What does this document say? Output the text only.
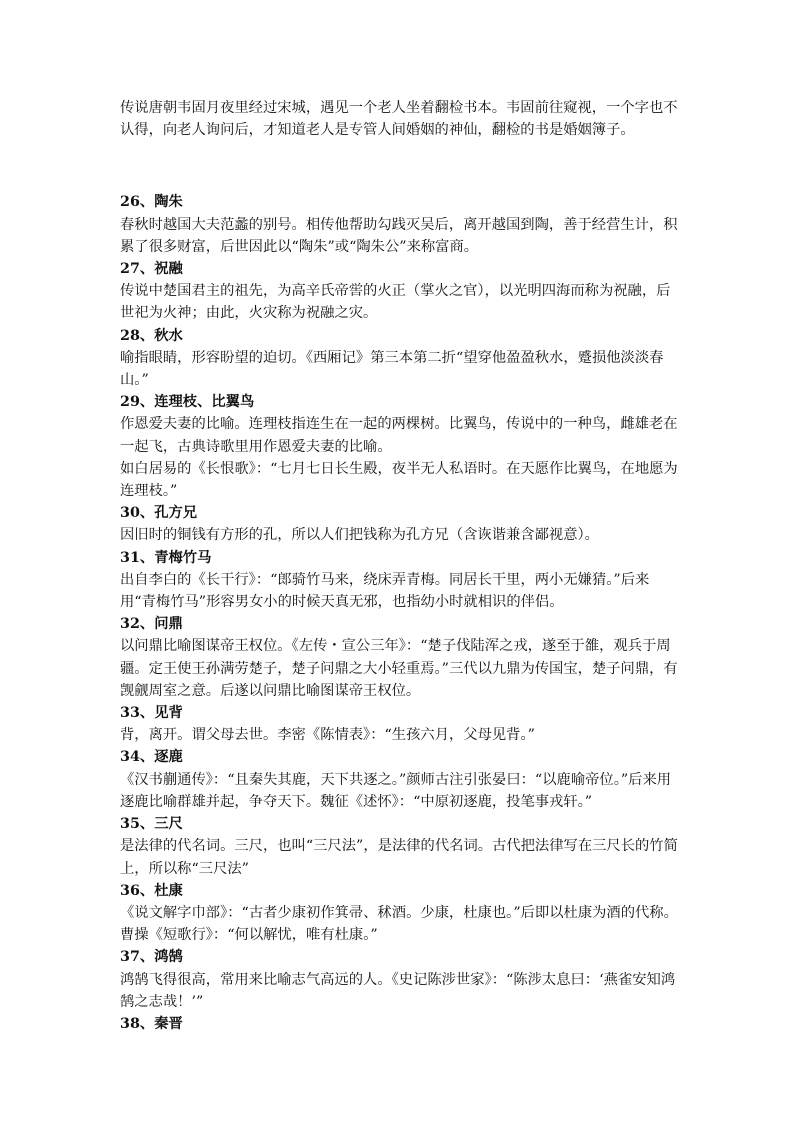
传说唐朝韦固月夜里经过宋城，遇见一个老人坐着翻检书本。韦固前往窥视，一个字也不认得，向老人询问后，才知道老人是专管人间婚姻的神仙，翻检的书是婚姻簿子。

26、陶朱

春秋时越国大夫范蠡的别号。相传他帮助勾践灭吴后，离开越国到陶，善于经营生计，积累了很多财富，后世因此以“陶朱”或“陶朱公”来称富商。

27、祝融

传说中楚国君主的祖先，为高辛氏帝喾的火正（掌火之官），以光明四海而称为祝融，后世祀为火神；由此，火灾称为祝融之灾。

28、秋水

喻指眼睛，形容盼望的迫切。《西厢记》第三本第二折“望穿他盈盈秋水，蹙损他淡淡春山。”

29、连理枝、比翼鸟

作恩爱夫妻的比喻。连理枝指连生在一起的两棵树。比翼鸟，传说中的一种鸟，雌雄老在一起飞，古典诗歌里用作恩爱夫妻的比喻。

如白居易的《长恨歌》：“七月七日长生殿，夜半无人私语时。在天愿作比翼鸟，在地愿为连理枝。”

30、孔方兄

因旧时的铜钱有方形的孔，所以人们把钱称为孔方兄（含诙谐兼含鄙视意）。

31、青梅竹马

出自李白的《长干行》：“郎骑竹马来，绕床弄青梅。同居长干里，两小无嫌猜。”后来用“青梅竹马”形容男女小的时候天真无邪，也指幼小时就相识的伴侣。

32、问鼎

以问鼎比喻图谋帝王权位。《左传・宣公三年》：“楚子伐陆浑之戎，遂至于雒，观兵于周疆。定王使王孙满劳楚子，楚子问鼎之大小轻重焉。”三代以九鼎为传国宝，楚子问鼎，有觊觎周室之意。后遂以问鼎比喻图谋帝王权位。

33、见背

背，离开。谓父母去世。李密《陈情表》：“生孩六月，父母见背。”

34、逐鹿

《汉书蒯通传》：“且秦失其鹿，天下共逐之。”颜师古注引张晏曰：“以鹿喻帝位。”后来用逐鹿比喻群雄并起，争夺天下。魏征《述怀》：“中原初逐鹿，投笔事戎轩。”

35、三尺

是法律的代名词。三尺，也叫“三尺法”，是法律的代名词。古代把法律写在三尺长的竹简上，所以称“三尺法”

36、杜康

《说文解字巾部》：“古者少康初作箕帚、秫酒。少康，杜康也。”后即以杜康为酒的代称。曹操《短歌行》：“何以解忧，唯有杜康。”

37、鸿鹄

鸿鹄飞得很高，常用来比喻志气高远的人。《史记陈涉世家》：“陈涉太息曰：‘燕雀安知鸿鹄之志哉！’”

38、秦晋
